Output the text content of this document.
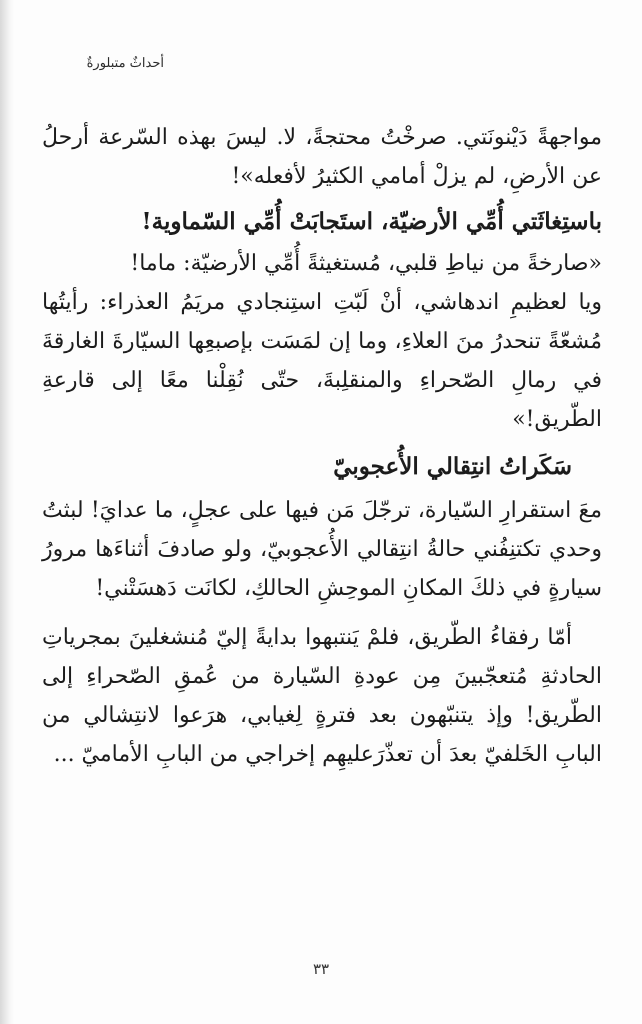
أحداثٌ متبلورةٌ

مواجهةً دَيْنونَتي. صرخْتُ محتجةً، لا. ليسَ بهذه السّرعة أرحلُ عن الأرضِ، لم يزلْ أمامي الكثيرُ لأفعله»!

باستِغاثَتي أُمِّي الأرضيّة، استَجابَتْ أُمِّي السّماوية!

«صارخةً من نياطِ قلبي، مُستغيثةً أُمِّي الأرضيّة: ماما!

ويا لعظيمِ اندهاشي، أنْ لَبّتِ استِنجادي مريَمُ العذراء: رأيتُها مُشعّةً تنحدرُ منَ العلاءِ، وما إن لمَسَت بإصبعِها السيّارةَ الغارقةَ في رمالِ الصّحراءِ والمنقلِبةَ، حتّى نُقِلْنا معًا إلى قارعةِ الطّريق!»

سَكَراتُ انتِقالي الأُعجوبيّ

معَ استقرارِ السّيارة، ترجّلَ مَن فيها على عجلٍ، ما عدايَ! لبثتُ وحدي تكتنِفُني حالةُ انتِقالي الأُعجوبيّ، ولو صادفَ أثناءَها مرورُ سيارةٍ في ذلكَ المكانِ الموحِشِ الحالكِ، لكانَت دَهسَتْني!

أمّا رفقاءُ الطّريق، فلمْ يَنتبهوا بدايةً إليّ مُنشغلينَ بمجرياتِ الحادثةِ مُتعجّبينَ مِن عودةِ السّيارة من عُمقِ الصّحراءِ إلى الطّريق! وإذ يتنبّهون بعد فترةٍ لِغيابي، هرَعوا لانتِشالي من البابِ الخَلفيّ بعدَ أن تعذّرَعليهِم إخراجي من البابِ الأماميّ ...

٣٣
